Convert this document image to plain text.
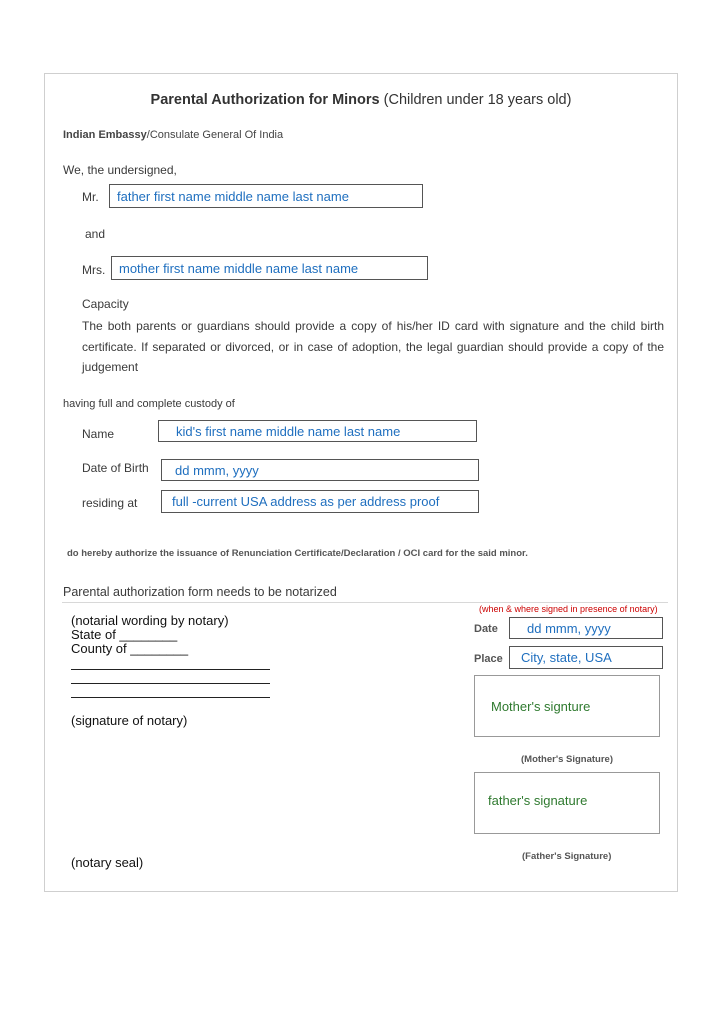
Parental Authorization for Minors (Children under 18 years old)
Indian Embassy/Consulate General Of India
We, the undersigned,
Mr.	father first name middle name last name
and
Mrs.	mother first name middle name last name
Capacity
The both parents or guardians should provide a copy of his/her ID card with signature and the child birth certificate. If separated or divorced, or in case of adoption, the legal guardian should provide a copy of the judgement
having full and complete custody of
Name	kid's first name middle name last name
Date of Birth	dd mmm, yyyy
residing at	full -current USA address as per address proof
do hereby authorize the issuance of Renunciation Certificate/Declaration / OCI card for the said minor.
Parental authorization form needs to be notarized
(when & where signed in presence of notary)
(notarial wording by notary)
State of ________
County of ________
(signature of notary)
(notary seal)
Date	dd mmm, yyyy
Place	City, state, USA
Mother's signture
(Mother's Signature)
father's signature
(Father's Signature)
